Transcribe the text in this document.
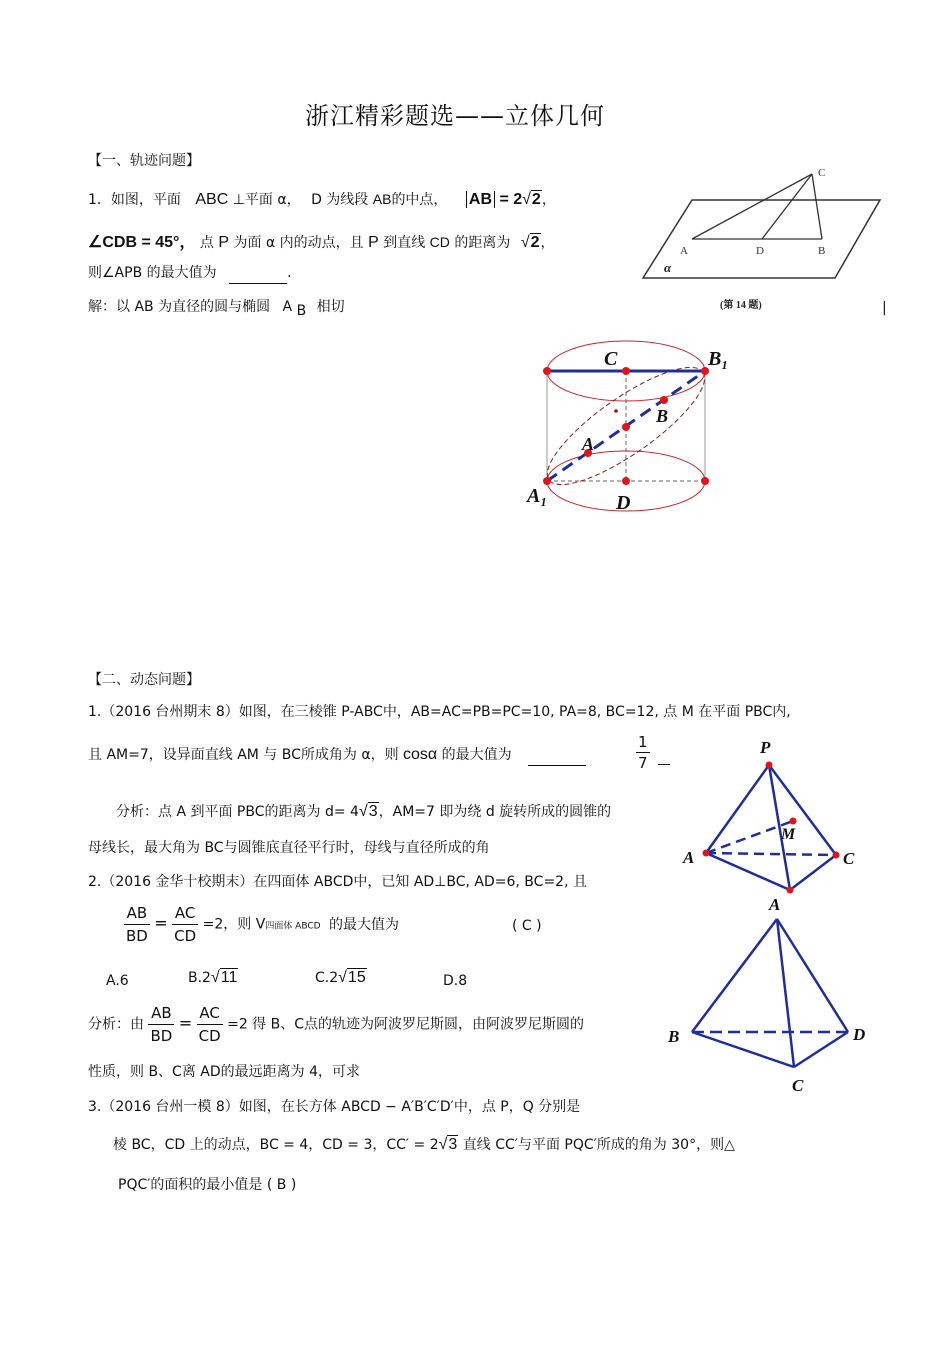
浙江精彩题选——立体几何
【一、轨迹问题】
1．如图，平面 ABC ⊥平面 α， D 为线段 AB的中点， AB = 2√2，
∠CDB = 45°， 点 P 为面 α 内的动点，且 P 到直线 CD 的距离为 √2，
则∠APB 的最大值为	.
解：以 AB 为直径的圆与椭圆 A B 相切	|
C
A	D	B
α
(第 14 题)
C	B₁
B
A
A₁	D
【二、动态问题】
1.（2016 台州期末 8）如图，在三棱锥 P-ABC中，AB=AC=PB=PC=10, PA=8, BC=12, 点 M 在平面 PBC内,
且 AM=7，设异面直线 AM 与 BC所成角为 α，则 cosα 的最大值为	$\frac{1}{7}$
分析：点 A 到平面 PBC的距离为 d= 4√3，AM=7 即为绕 d 旋转所成的圆锥的
母线长，最大角为 BC与圆锥底直径平行时，母线与直径所成的角
2.（2016 金华十校期末）在四面体 ABCD中，已知 AD⊥BC, AD=6, BC=2, 且
$\frac{AB}{BD} = \frac{AC}{CD} =2$，则 V四面体 ABCD 的最大值为	( C )
A.6	B.2√11	C.2√15	D.8
分析：由 $\frac{AB}{BD} = \frac{AC}{CD} =2$ 得 B、C点的轨迹为阿波罗尼斯圆，由阿波罗尼斯圆的
性质，则 B、C离 AD的最远距离为 4，可求
3.（2016 台州一模 8）如图，在长方体 ABCD − A′B′C′D′中，点 P，Q 分别是
棱 BC，CD 上的动点，BC = 4，CD = 3，CC′ = 2√3 直线 CC′与平面 PQC′所成的角为 30°，则△
PQC′的面积的最小值是 ( B )
P
M
A	C
A
B	D
C
